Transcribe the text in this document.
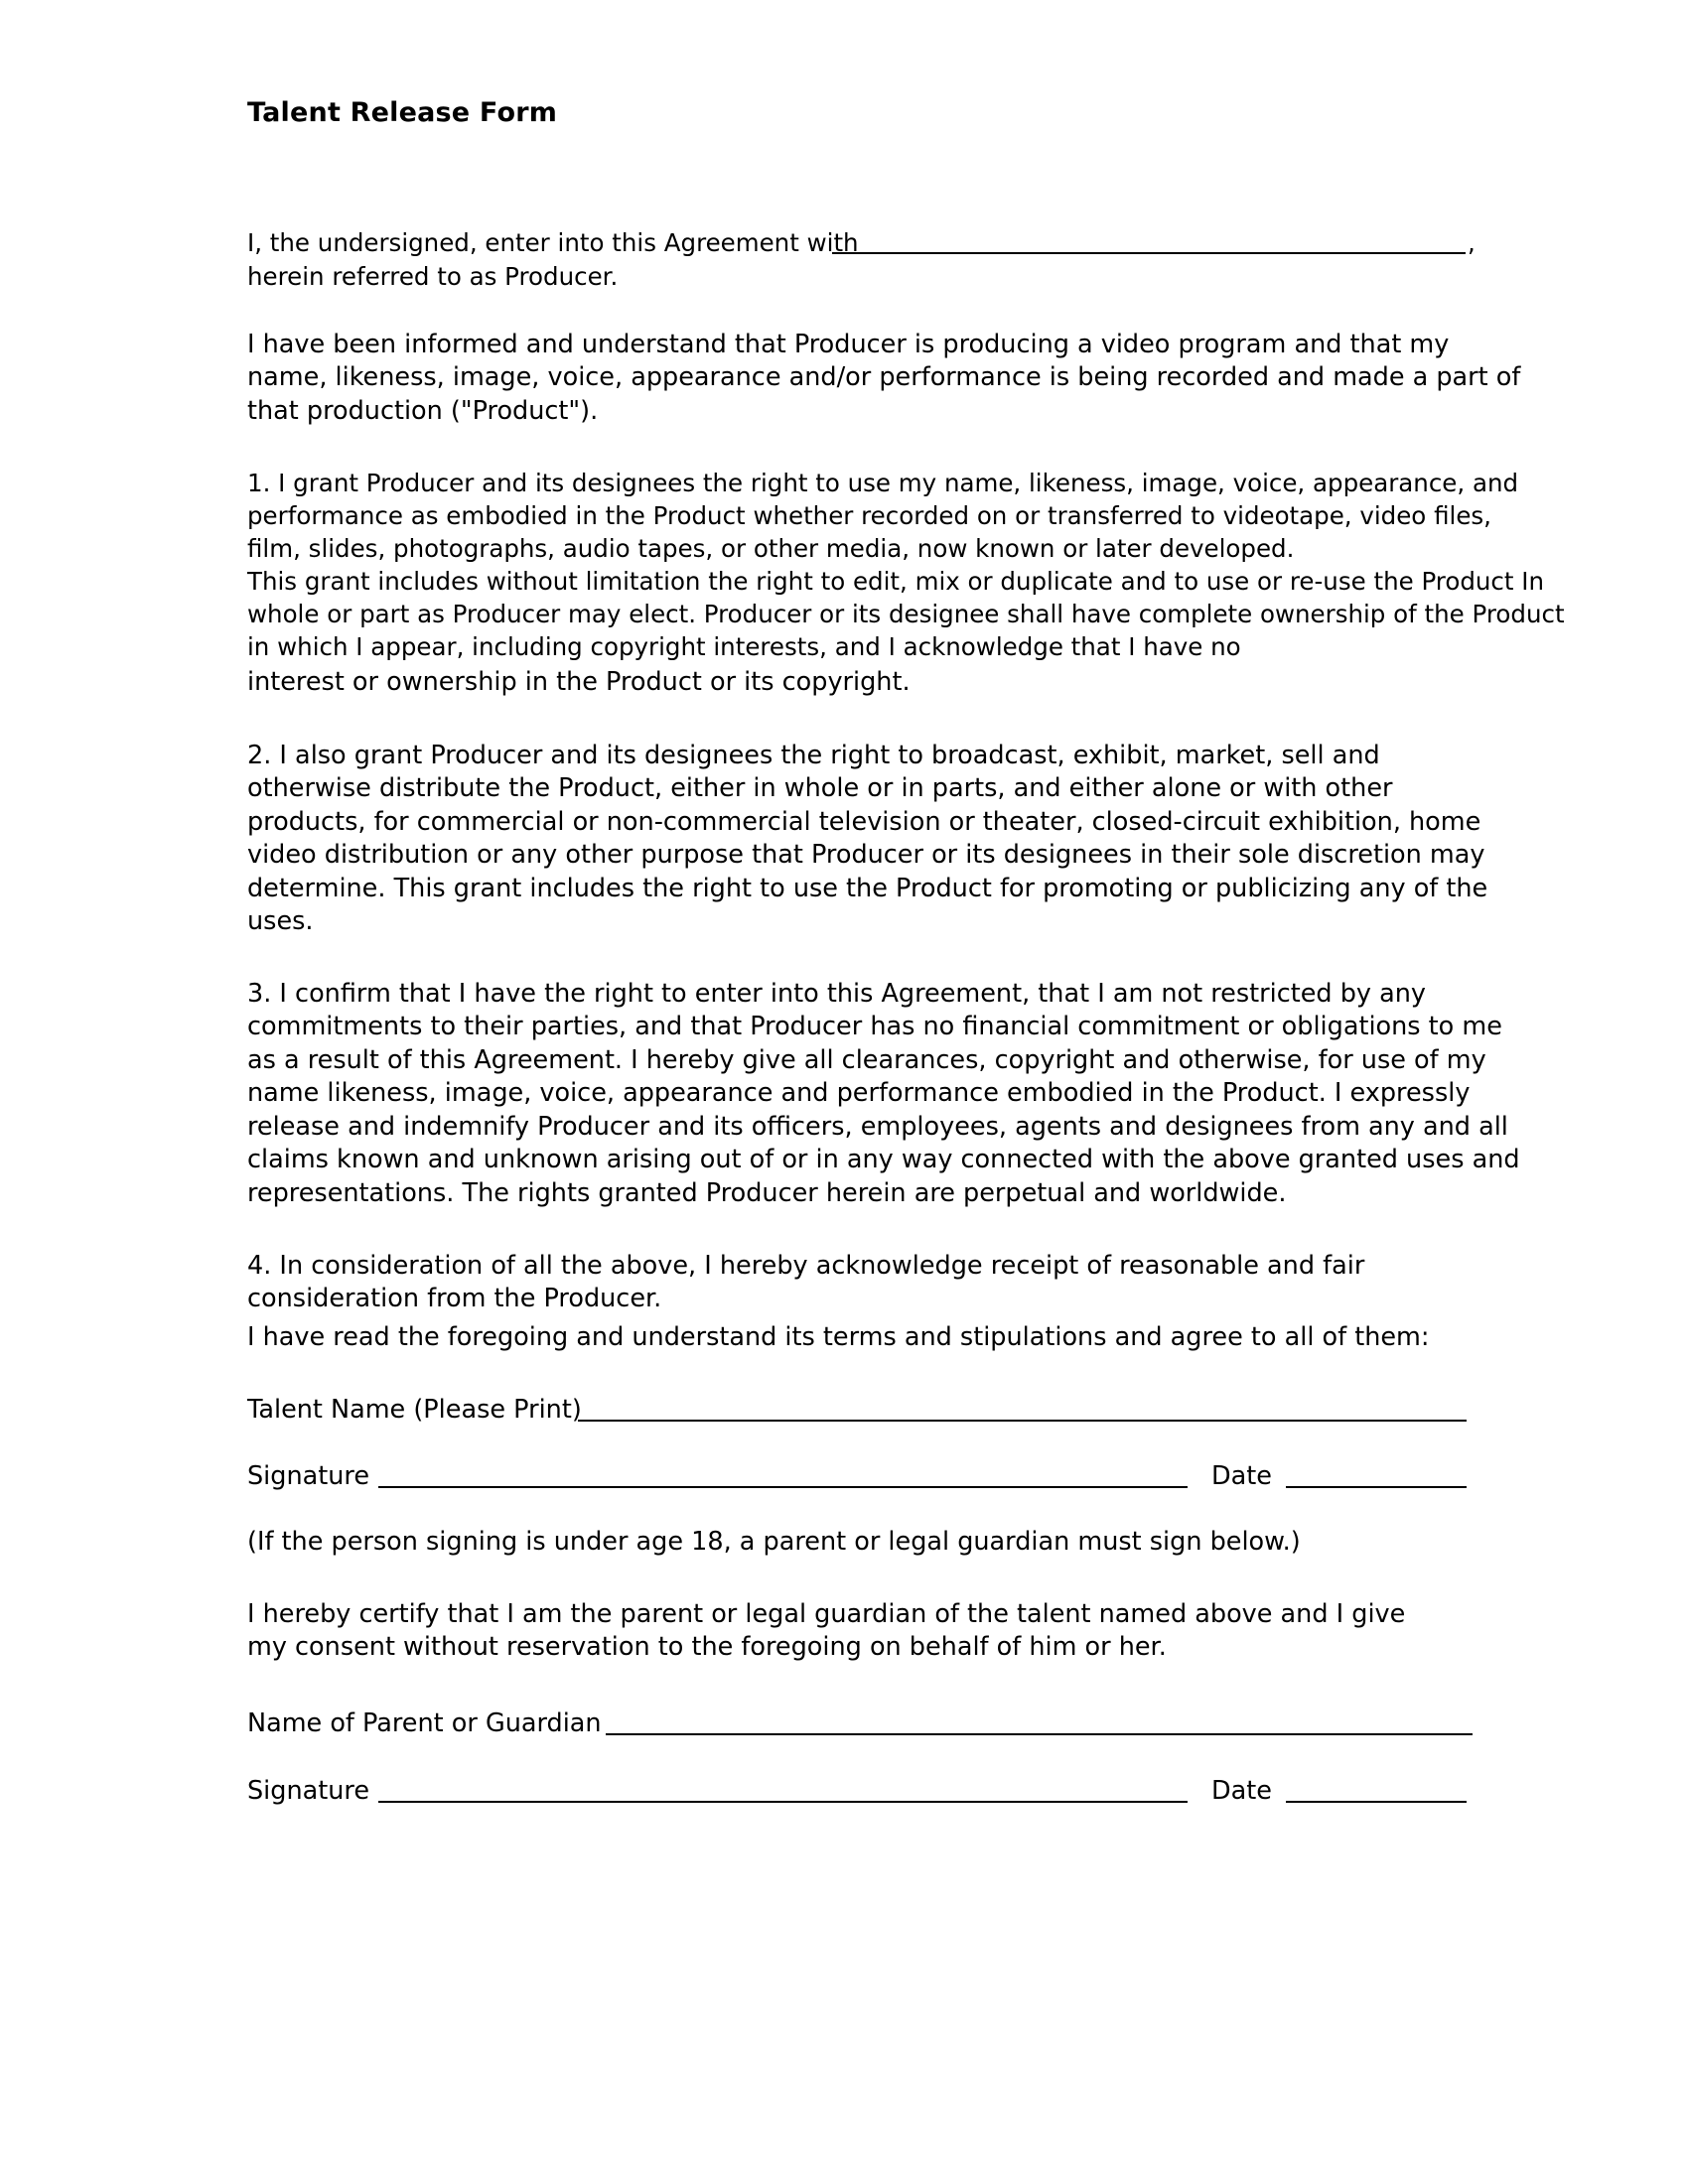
Talent Release Form
I, the undersigned, enter into this Agreement with	,
herein referred to as Producer.
I have been informed and understand that Producer is producing a video program and that my
name, likeness, image, voice, appearance and/or performance is being recorded and made a part of
that production ("Product").
1. I grant Producer and its designees the right to use my name, likeness, image, voice, appearance, and
performance as embodied in the Product whether recorded on or transferred to videotape, video files,
film, slides, photographs, audio tapes, or other media, now known or later developed.
This grant includes without limitation the right to edit, mix or duplicate and to use or re-use the Product In
whole or part as Producer may elect. Producer or its designee shall have complete ownership of the Product
in which I appear, including copyright interests, and I acknowledge that I have no
interest or ownership in the Product or its copyright.
2. I also grant Producer and its designees the right to broadcast, exhibit, market, sell and
otherwise distribute the Product, either in whole or in parts, and either alone or with other
products, for commercial or non-commercial television or theater, closed-circuit exhibition, home
video distribution or any other purpose that Producer or its designees in their sole discretion may
determine. This grant includes the right to use the Product for promoting or publicizing any of the
uses.
3. I confirm that I have the right to enter into this Agreement, that I am not restricted by any
commitments to their parties, and that Producer has no financial commitment or obligations to me
as a result of this Agreement. I hereby give all clearances, copyright and otherwise, for use of my
name likeness, image, voice, appearance and performance embodied in the Product. I expressly
release and indemnify Producer and its officers, employees, agents and designees from any and all
claims known and unknown arising out of or in any way connected with the above granted uses and
representations. The rights granted Producer herein are perpetual and worldwide.
4. In consideration of all the above, I hereby acknowledge receipt of reasonable and fair
consideration from the Producer.
I have read the foregoing and understand its terms and stipulations and agree to all of them:
Talent Name (Please Print)
Signature	Date
(If the person signing is under age 18, a parent or legal guardian must sign below.)
I hereby certify that I am the parent or legal guardian of the talent named above and I give
my consent without reservation to the foregoing on behalf of him or her.
Name of Parent or Guardian
Signature	Date
